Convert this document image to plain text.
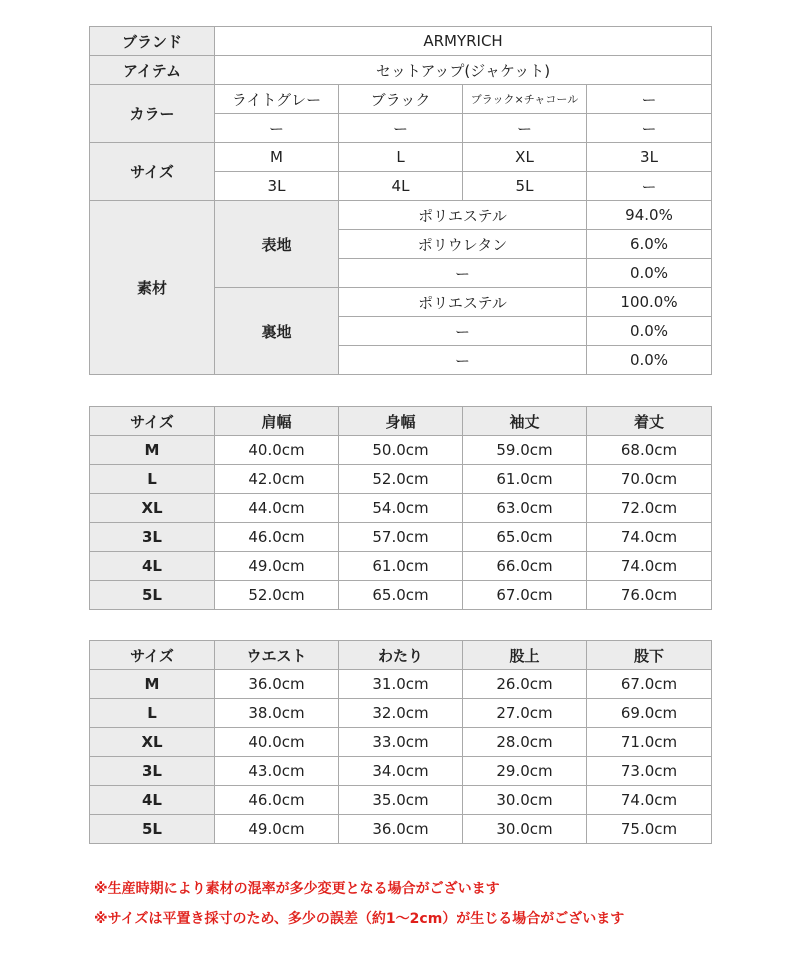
ブランド	ARMYRICH			
アイテム	セットアップ(ジャケット)			
カラー	ライトグレー	ブラック	ブラック×チャコール	ー
	ー	ー	ー	ー
サイズ	M	L	XL	3L
	3L	4L	5L	ー
素材	表地	ポリエステル		94.0%
		ポリウレタン		6.0%
		ー		0.0%
	裏地	ポリエステル		100.0%
		ー		0.0%
		ー		0.0%
サイズ	肩幅	身幅	袖丈	着丈
M	40.0cm	50.0cm	59.0cm	68.0cm
L	42.0cm	52.0cm	61.0cm	70.0cm
XL	44.0cm	54.0cm	63.0cm	72.0cm
3L	46.0cm	57.0cm	65.0cm	74.0cm
4L	49.0cm	61.0cm	66.0cm	74.0cm
5L	52.0cm	65.0cm	67.0cm	76.0cm
サイズ	ウエスト	わたり	股上	股下
M	36.0cm	31.0cm	26.0cm	67.0cm
L	38.0cm	32.0cm	27.0cm	69.0cm
XL	40.0cm	33.0cm	28.0cm	71.0cm
3L	43.0cm	34.0cm	29.0cm	73.0cm
4L	46.0cm	35.0cm	30.0cm	74.0cm
5L	49.0cm	36.0cm	30.0cm	75.0cm
※生産時期により素材の混率が多少変更となる場合がございます
※サイズは平置き採寸のため、多少の誤差（約1～2cm）が生じる場合がございます
